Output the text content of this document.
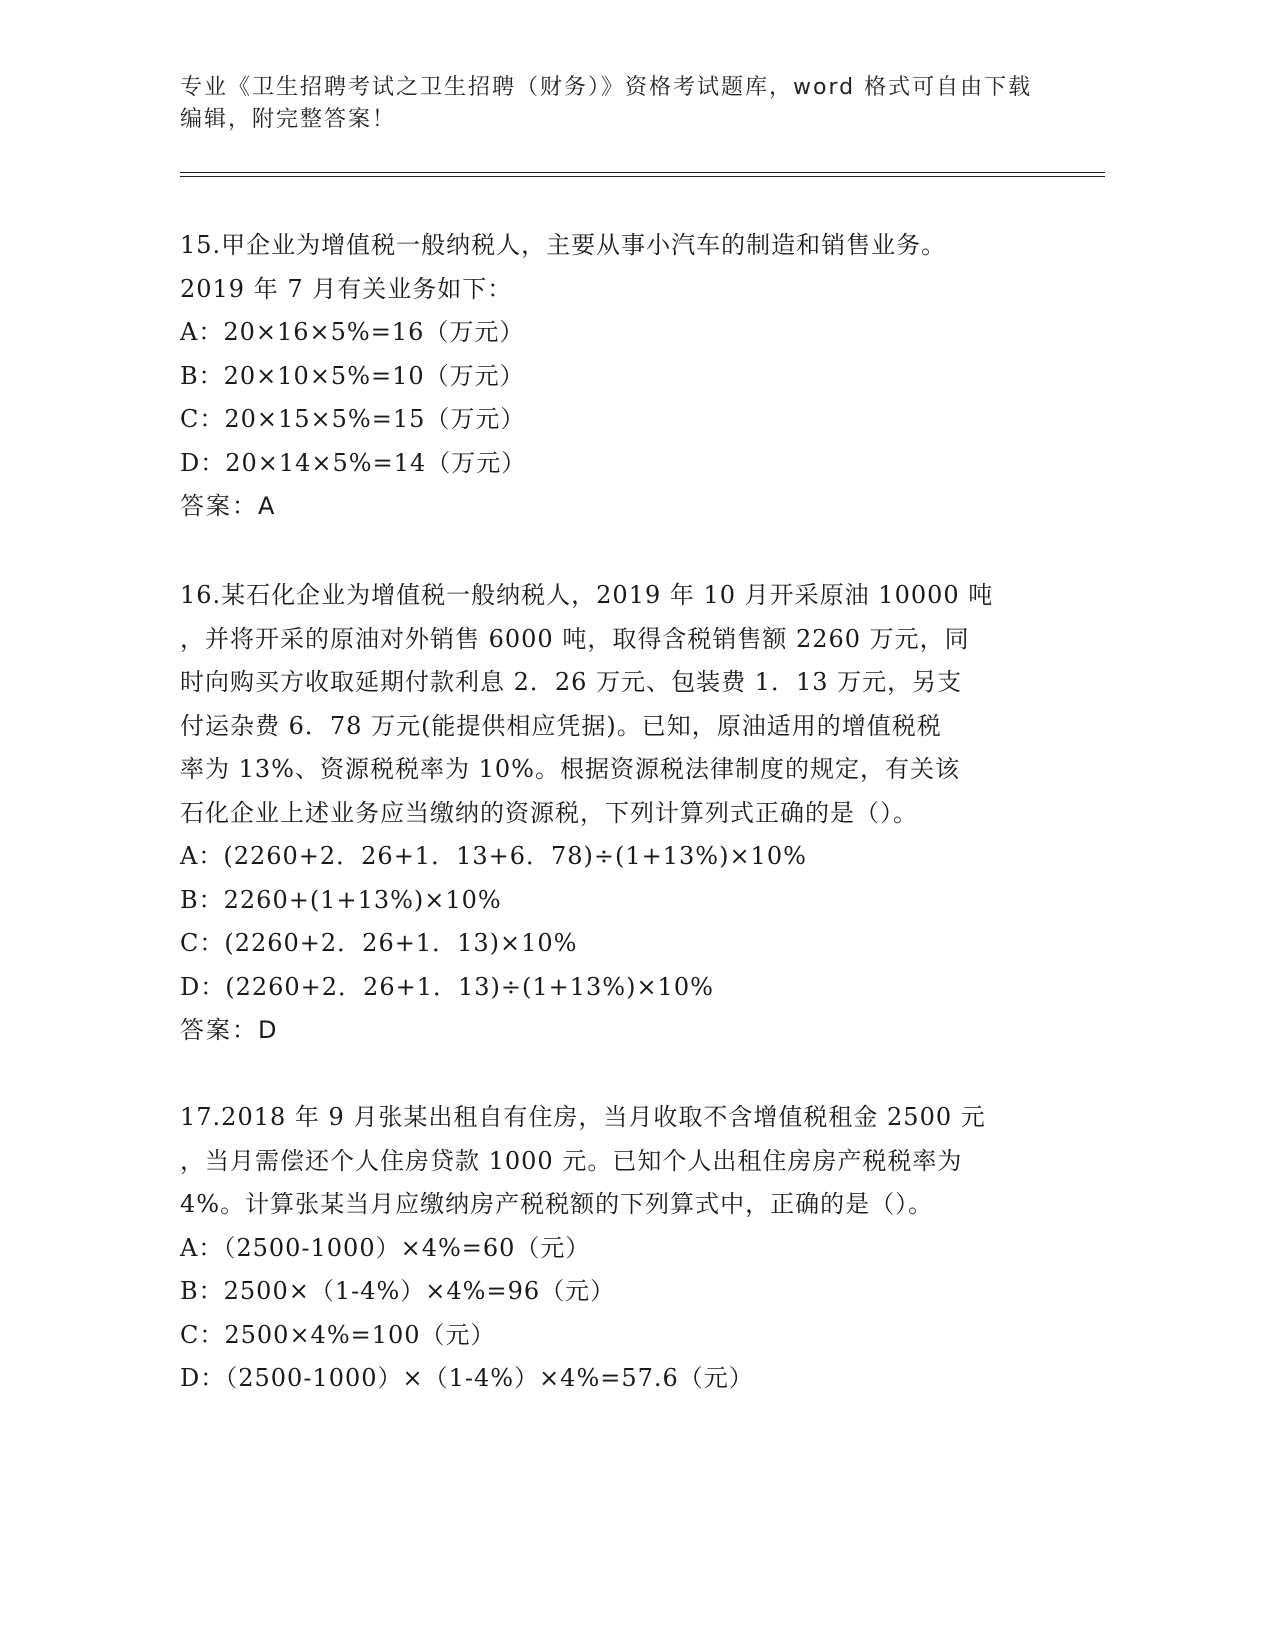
专业《卫生招聘考试之卫生招聘（财务）》资格考试题库，word 格式可自由下载
编辑，附完整答案！
15.甲企业为增值税一般纳税人，主要从事小汽车的制造和销售业务。
2019 年 7 月有关业务如下：
A：20×16×5%=16（万元）
B：20×10×5%=10（万元）
C：20×15×5%=15（万元）
D：20×14×5%=14（万元）
答案：A
16.某石化企业为增值税一般纳税人，2019 年 10 月开采原油 10000 吨
，并将开采的原油对外销售 6000 吨，取得含税销售额 2260 万元，同
时向购买方收取延期付款利息 2．26 万元、包装费 1．13 万元，另支
付运杂费 6．78 万元(能提供相应凭据)。已知，原油适用的增值税税
率为 13%、资源税税率为 10%。根据资源税法律制度的规定，有关该
石化企业上述业务应当缴纳的资源税，下列计算列式正确的是（）。
A：(2260+2．26+1．13+6．78)÷(1+13%)×10%
B：2260+(1+13%)×10%
C：(2260+2．26+1．13)×10%
D：(2260+2．26+1．13)÷(1+13%)×10%
答案：D
17.2018 年 9 月张某出租自有住房，当月收取不含增值税租金 2500 元
，当月需偿还个人住房贷款 1000 元。已知个人出租住房房产税税率为
4%。计算张某当月应缴纳房产税税额的下列算式中，正确的是（）。
A：（2500-1000）×4%=60（元）
B：2500×（1-4%）×4%=96（元）
C：2500×4%=100（元）
D：（2500-1000）×（1-4%）×4%=57.6（元）
